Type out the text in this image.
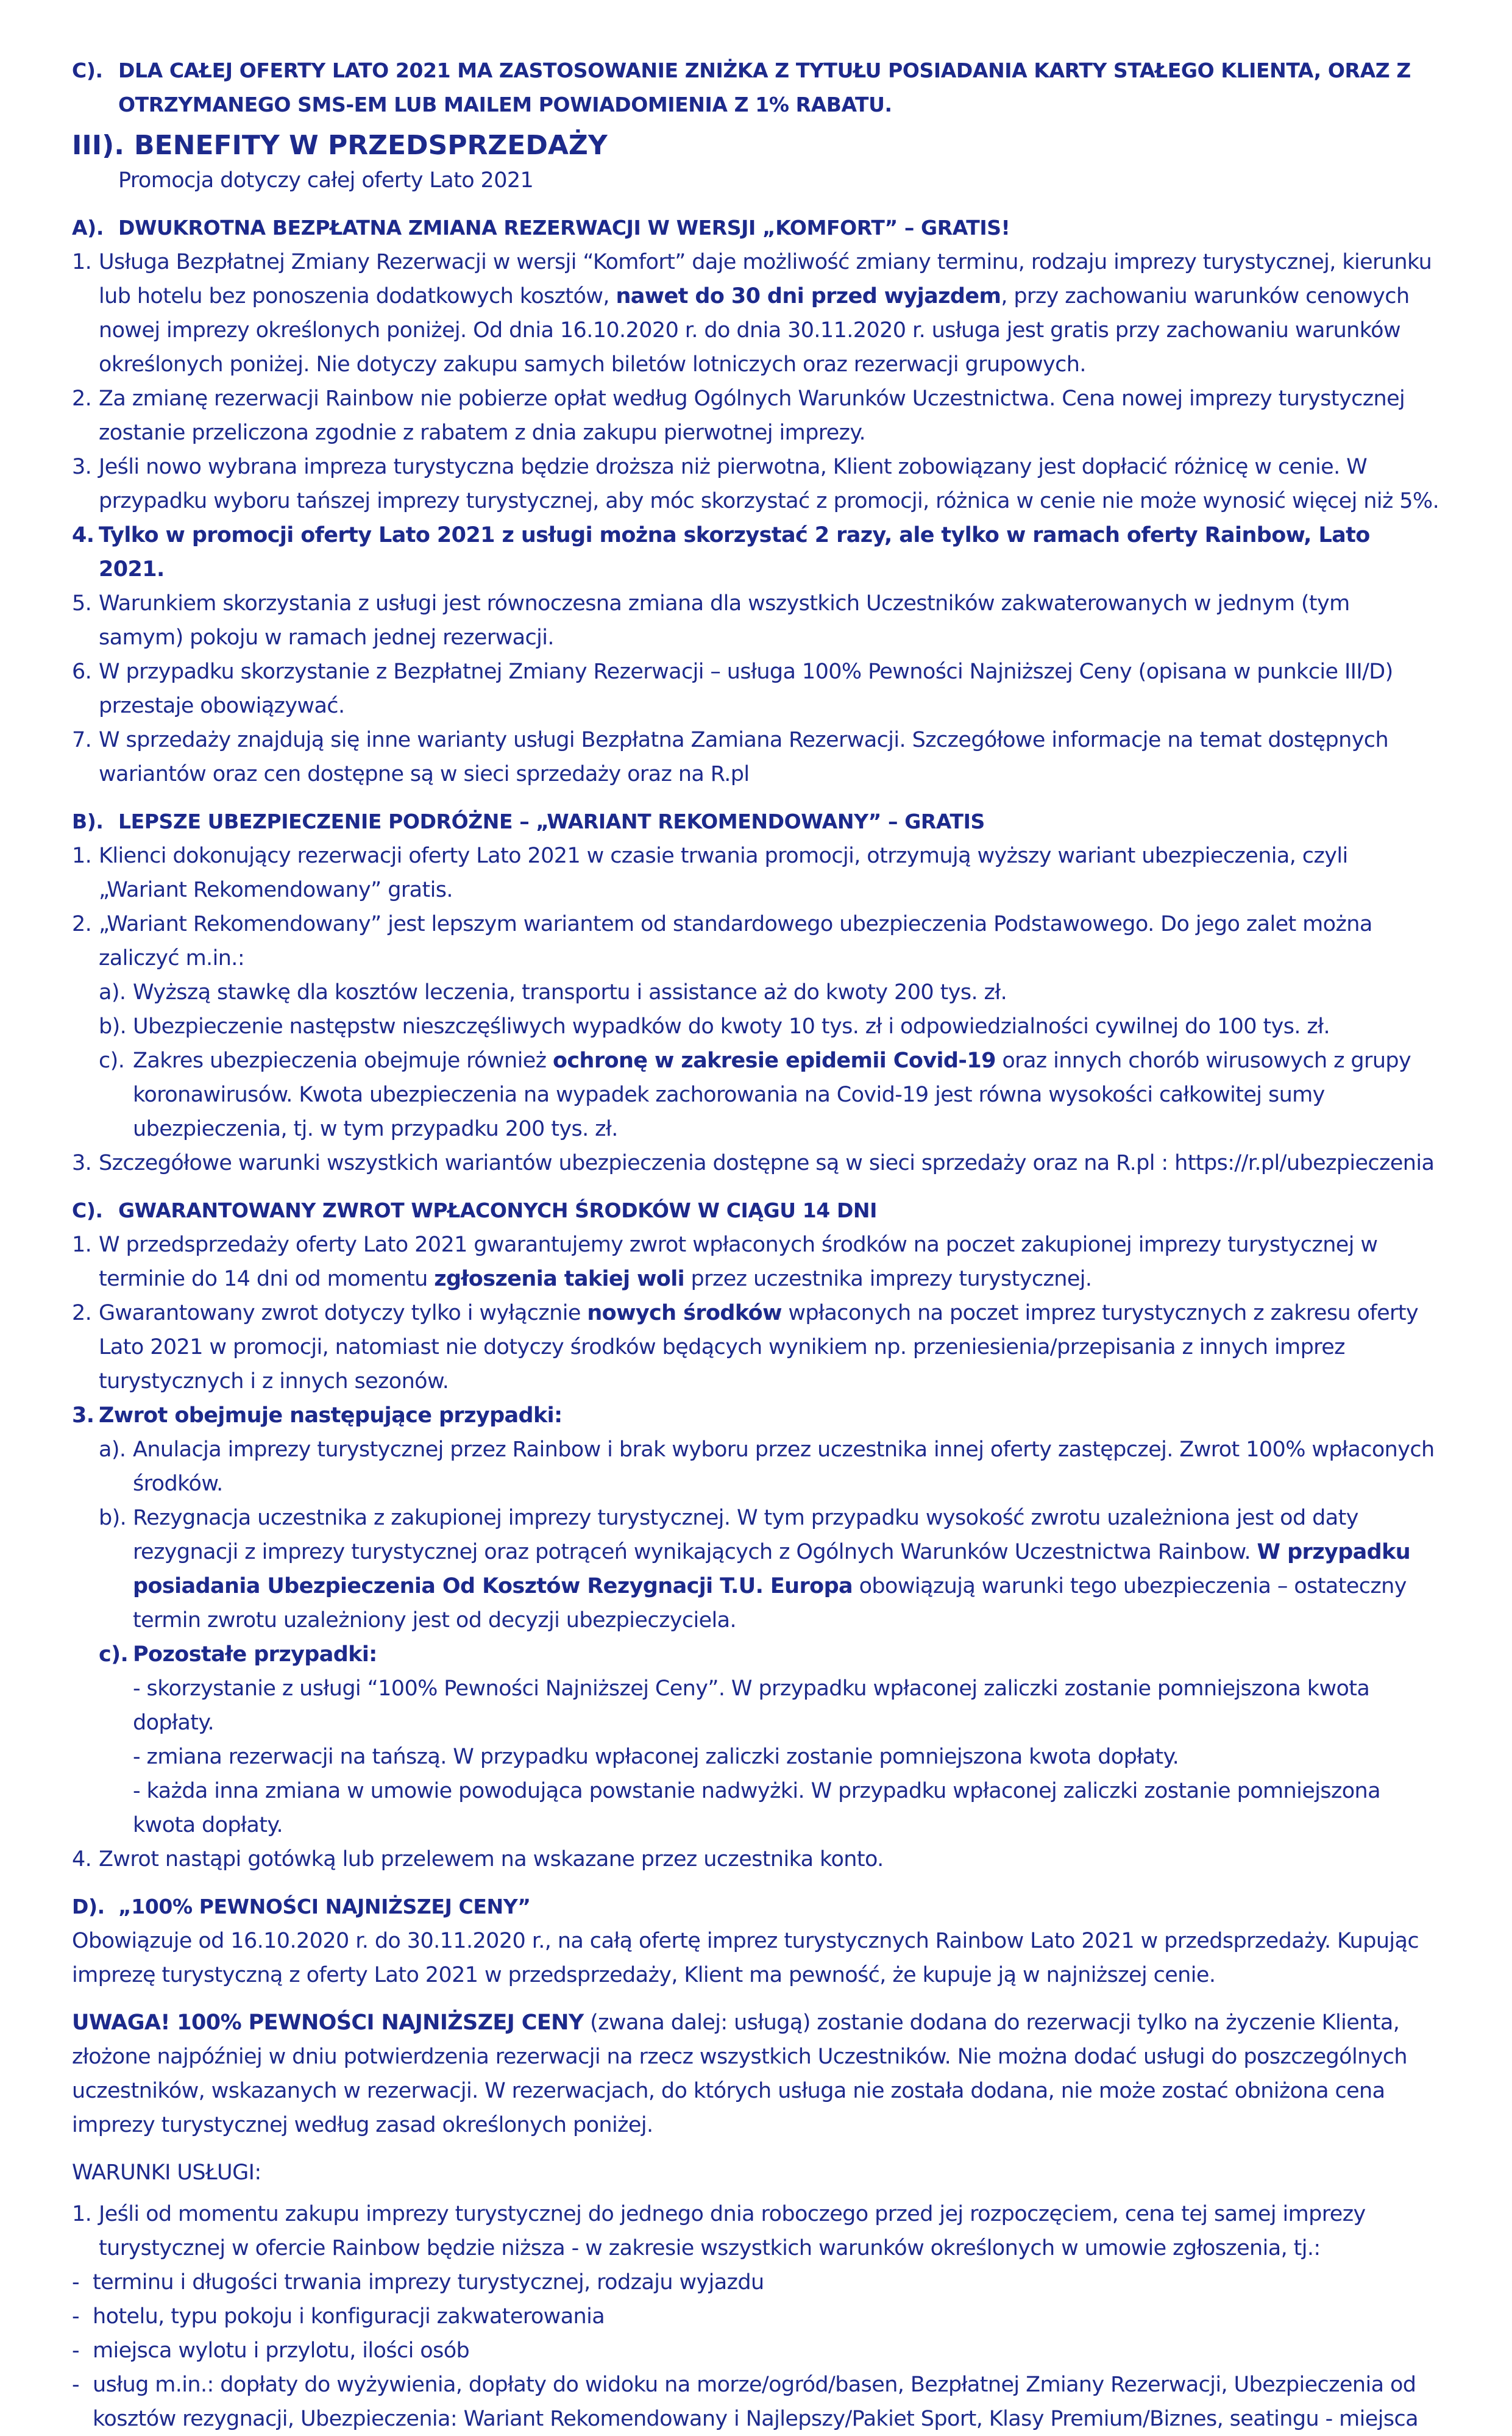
C). DLA CAŁEJ OFERTY LATO 2021 MA ZASTOSOWANIE ZNIŻKA Z TYTUŁU POSIADANIA KARTY STAŁEGO KLIENTA, ORAZ Z OTRZYMANEGO SMS-EM LUB MAILEM POWIADOMIENIA Z 1% RABATU.
III). BENEFITY W PRZEDSPRZEDAŻY
Promocja dotyczy całej oferty Lato 2021
A). DWUKROTNA BEZPŁATNA ZMIANA REZERWACJI W WERSJI „KOMFORT” – GRATIS!
1. Usługa Bezpłatnej Zmiany Rezerwacji w wersji “Komfort” daje możliwość zmiany terminu, rodzaju imprezy turystycznej, kierunku lub hotelu bez ponoszenia dodatkowych kosztów, nawet do 30 dni przed wyjazdem, przy zachowaniu warunków cenowych nowej imprezy określonych poniżej. Od dnia 16.10.2020 r. do dnia 30.11.2020 r. usługa jest gratis przy zachowaniu warunków określonych poniżej. Nie dotyczy zakupu samych biletów lotniczych oraz rezerwacji grupowych.
2. Za zmianę rezerwacji Rainbow nie pobierze opłat według Ogólnych Warunków Uczestnictwa. Cena nowej imprezy turystycznej zostanie przeliczona zgodnie z rabatem z dnia zakupu pierwotnej imprezy.
3. Jeśli nowo wybrana impreza turystyczna będzie droższa niż pierwotna, Klient zobowiązany jest dopłacić różnicę w cenie. W przypadku wyboru tańszej imprezy turystycznej, aby móc skorzystać z promocji, różnica w cenie nie może wynosić więcej niż 5%.
4. Tylko w promocji oferty Lato 2021 z usługi można skorzystać 2 razy, ale tylko w ramach oferty Rainbow, Lato 2021.
5. Warunkiem skorzystania z usługi jest równoczesna zmiana dla wszystkich Uczestników zakwaterowanych w jednym (tym samym) pokoju w ramach jednej rezerwacji.
6. W przypadku skorzystanie z Bezpłatnej Zmiany Rezerwacji – usługa 100% Pewności Najniższej Ceny (opisana w punkcie III/D) przestaje obowiązywać.
7. W sprzedaży znajdują się inne warianty usługi Bezpłatna Zamiana Rezerwacji. Szczegółowe informacje na temat dostępnych wariantów oraz cen dostępne są w sieci sprzedaży oraz na R.pl
B). LEPSZE UBEZPIECZENIE PODRÓŻNE – „WARIANT REKOMENDOWANY” – GRATIS
1. Klienci dokonujący rezerwacji oferty Lato 2021 w czasie trwania promocji, otrzymują wyższy wariant ubezpieczenia, czyli „Wariant Rekomendowany” gratis.
2. „Wariant Rekomendowany” jest lepszym wariantem od standardowego ubezpieczenia Podstawowego. Do jego zalet można zaliczyć m.in.:
a). Wyższą stawkę dla kosztów leczenia, transportu i assistance aż do kwoty 200 tys. zł.
b). Ubezpieczenie następstw nieszczęśliwych wypadków do kwoty 10 tys. zł i odpowiedzialności cywilnej do 100 tys. zł.
c). Zakres ubezpieczenia obejmuje również ochronę w zakresie epidemii Covid-19 oraz innych chorób wirusowych z grupy koronawirusów. Kwota ubezpieczenia na wypadek zachorowania na Covid-19 jest równa wysokości całkowitej sumy ubezpieczenia, tj. w tym przypadku 200 tys. zł.
3. Szczegółowe warunki wszystkich wariantów ubezpieczenia dostępne są w sieci sprzedaży oraz na R.pl : https://r.pl/ubezpieczenia
C). GWARANTOWANY ZWROT WPŁACONYCH ŚRODKÓW W CIĄGU 14 DNI
1. W przedsprzedaży oferty Lato 2021 gwarantujemy zwrot wpłaconych środków na poczet zakupionej imprezy turystycznej w terminie do 14 dni od momentu zgłoszenia takiej woli przez uczestnika imprezy turystycznej.
2. Gwarantowany zwrot dotyczy tylko i wyłącznie nowych środków wpłaconych na poczet imprez turystycznych z zakresu oferty Lato 2021 w promocji, natomiast nie dotyczy środków będących wynikiem np. przeniesienia/przepisania z innych imprez turystycznych i z innych sezonów.
3. Zwrot obejmuje następujące przypadki:
a). Anulacja imprezy turystycznej przez Rainbow i brak wyboru przez uczestnika innej oferty zastępczej. Zwrot 100% wpłaconych środków.
b). Rezygnacja uczestnika z zakupionej imprezy turystycznej. W tym przypadku wysokość zwrotu uzależniona jest od daty rezygnacji z imprezy turystycznej oraz potrąceń wynikających z Ogólnych Warunków Uczestnictwa Rainbow. W przypadku posiadania Ubezpieczenia Od Kosztów Rezygnacji T.U. Europa obowiązują warunki tego ubezpieczenia – ostateczny termin zwrotu uzależniony jest od decyzji ubezpieczyciela.
c). Pozostałe przypadki:
- skorzystanie z usługi “100% Pewności Najniższej Ceny”. W przypadku wpłaconej zaliczki zostanie pomniejszona kwota dopłaty.
- zmiana rezerwacji na tańszą. W przypadku wpłaconej zaliczki zostanie pomniejszona kwota dopłaty.
- każda inna zmiana w umowie powodująca powstanie nadwyżki. W przypadku wpłaconej zaliczki zostanie pomniejszona kwota dopłaty.
4. Zwrot nastąpi gotówką lub przelewem na wskazane przez uczestnika konto.
D). „100% PEWNOŚCI NAJNIŻSZEJ CENY”

Obowiązuje od 16.10.2020 r. do 30.11.2020 r., na całą ofertę imprez turystycznych Rainbow Lato 2021 w przedsprzedaży. Kupując imprezę turystyczną z oferty Lato 2021 w przedsprzedaży, Klient ma pewność, że kupuje ją w najniższej cenie.

UWAGA! 100% PEWNOŚCI NAJNIŻSZEJ CENY (zwana dalej: usługą) zostanie dodana do rezerwacji tylko na życzenie Klienta, złożone najpóźniej w dniu potwierdzenia rezerwacji na rzecz wszystkich Uczestników. Nie można dodać usługi do poszczególnych uczestników, wskazanych w rezerwacji. W rezerwacjach, do których usługa nie została dodana, nie może zostać obniżona cena imprezy turystycznej według zasad określonych poniżej.

WARUNKI USŁUGI:

1. Jeśli od momentu zakupu imprezy turystycznej do jednego dnia roboczego przed jej rozpoczęciem, cena tej samej imprezy turystycznej w ofercie Rainbow będzie niższa - w zakresie wszystkich warunków określonych w umowie zgłoszenia, tj.:
- terminu i długości trwania imprezy turystycznej, rodzaju wyjazdu
- hotelu, typu pokoju i konfiguracji zakwaterowania
- miejsca wylotu i przylotu, ilości osób
- usług m.in.: dopłaty do wyżywienia, dopłaty do widoku na morze/ogród/basen, Bezpłatnej Zmiany Rezerwacji, Ubezpieczenia od kosztów rezygnacji, Ubezpieczenia: Wariant Rekomendowany i Najlepszy/Pakiet Sport, Klasy Premium/Biznes, seatingu - miejsca
